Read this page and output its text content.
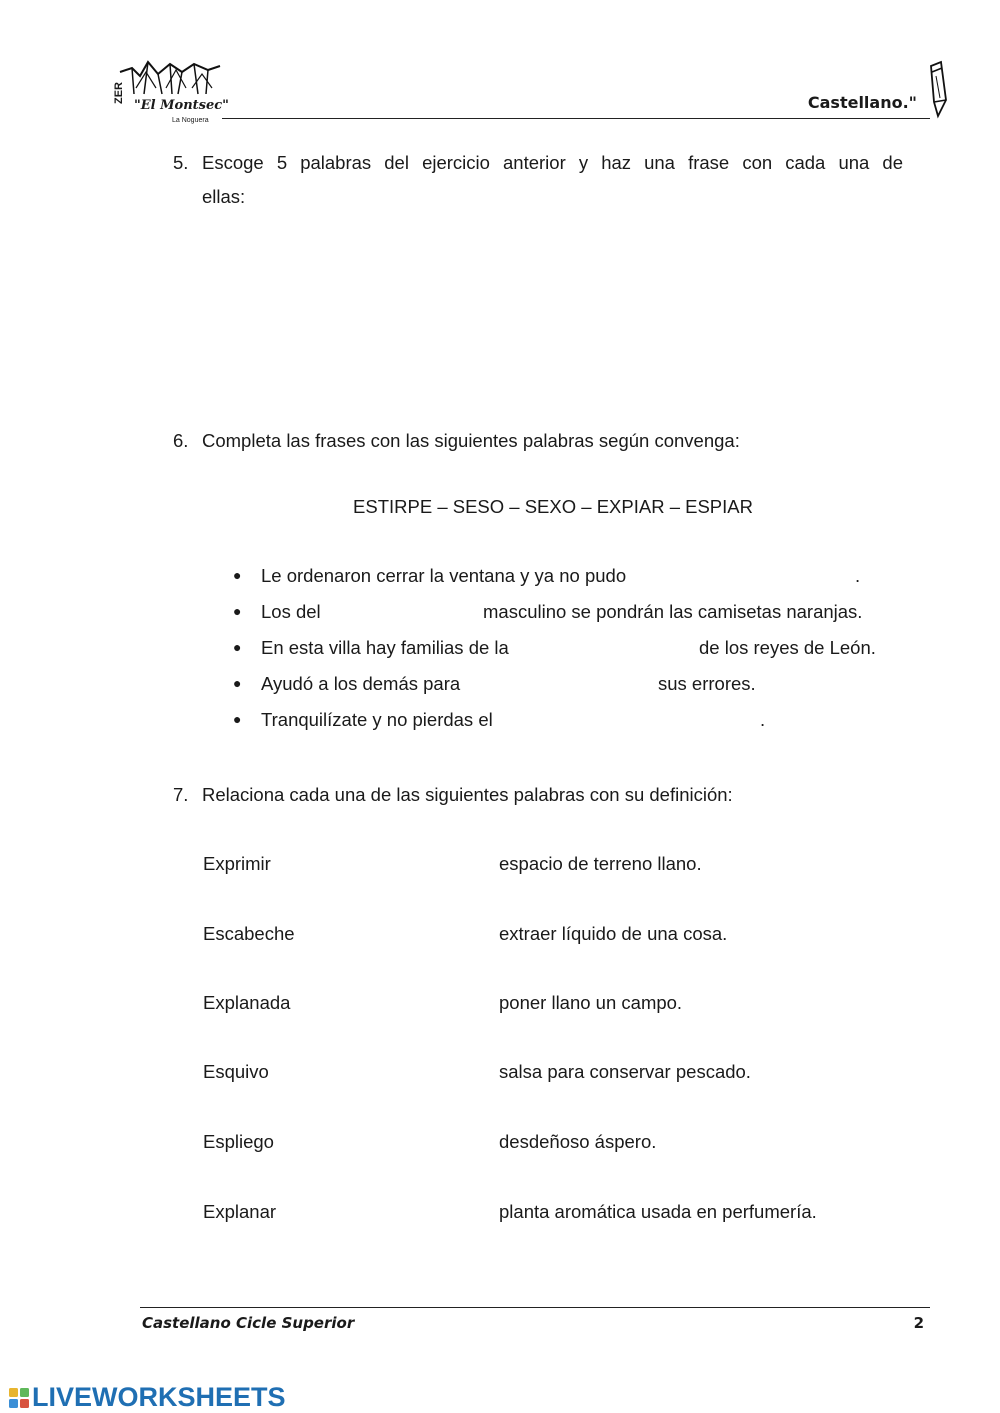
ZER
"El Montsec"
La Noguera
Castellano."
5. Escoge 5 palabras del ejercicio anterior y haz una frase con cada una de
ellas:
6. Completa las frases con las siguientes palabras según convenga:
ESTIRPE – SESO – SEXO – EXPIAR – ESPIAR
● Le ordenaron cerrar la ventana y ya no pudo	.
● Los del	masculino se pondrán las camisetas naranjas.
● En esta villa hay familias de la	de los reyes de León.
● Ayudó a los demás para	sus errores.
● Tranquilízate y no pierdas el	.
7. Relaciona cada una de las siguientes palabras con su definición:
Exprimir	espacio de terreno llano.
Escabeche	extraer líquido de una cosa.
Explanada	poner llano un campo.
Esquivo	salsa para conservar pescado.
Espliego	desdeñoso áspero.
Explanar	planta aromática usada en perfumería.
Castellano Cicle Superior	2
LIVEWORKSHEETS
